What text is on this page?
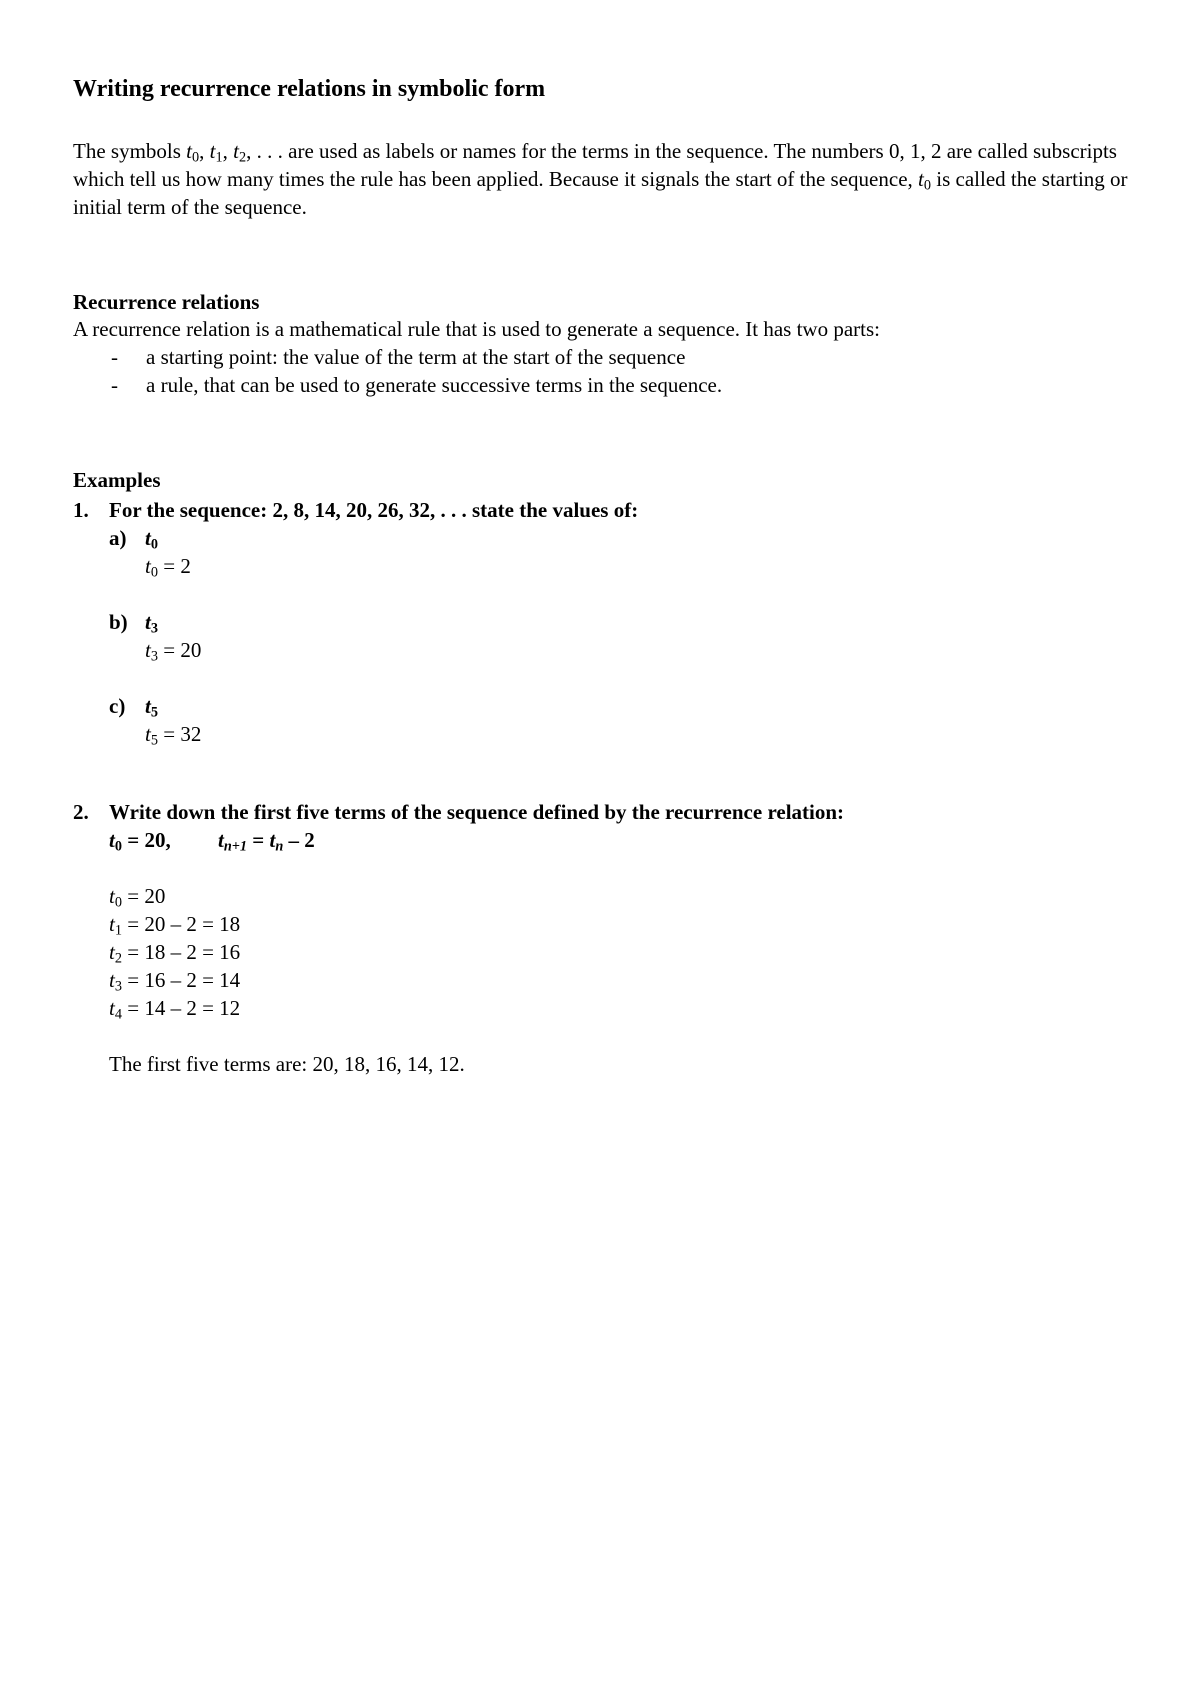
Writing recurrence relations in symbolic form
The symbols $t_0$, $t_1$, $t_2$, . . . are used as labels or names for the terms in the sequence. The numbers 0, 1, 2 are called subscripts which tell us how many times the rule has been applied. Because it signals the start of the sequence, $t_0$ is called the starting or initial term of the sequence.
Recurrence relations
A recurrence relation is a mathematical rule that is used to generate a sequence. It has two parts:
- a starting point: the value of the term at the start of the sequence
- a rule, that can be used to generate successive terms in the sequence.
Examples
1. For the sequence: 2, 8, 14, 20, 26, 32, . . . state the values of:
a) $t_0$
$t_0 = 2$
b) $t_3$
$t_3 = 20$
c) $t_5$
$t_5 = 32$
2. Write down the first five terms of the sequence defined by the recurrence relation:
$t_0 = 20$, $t_{n+1} = t_n - 2$
$t_0 = 20$
$t_1 = 20 - 2 = 18$
$t_2 = 18 - 2 = 16$
$t_3 = 16 - 2 = 14$
$t_4 = 14 - 2 = 12$
The first five terms are: 20, 18, 16, 14, 12.
